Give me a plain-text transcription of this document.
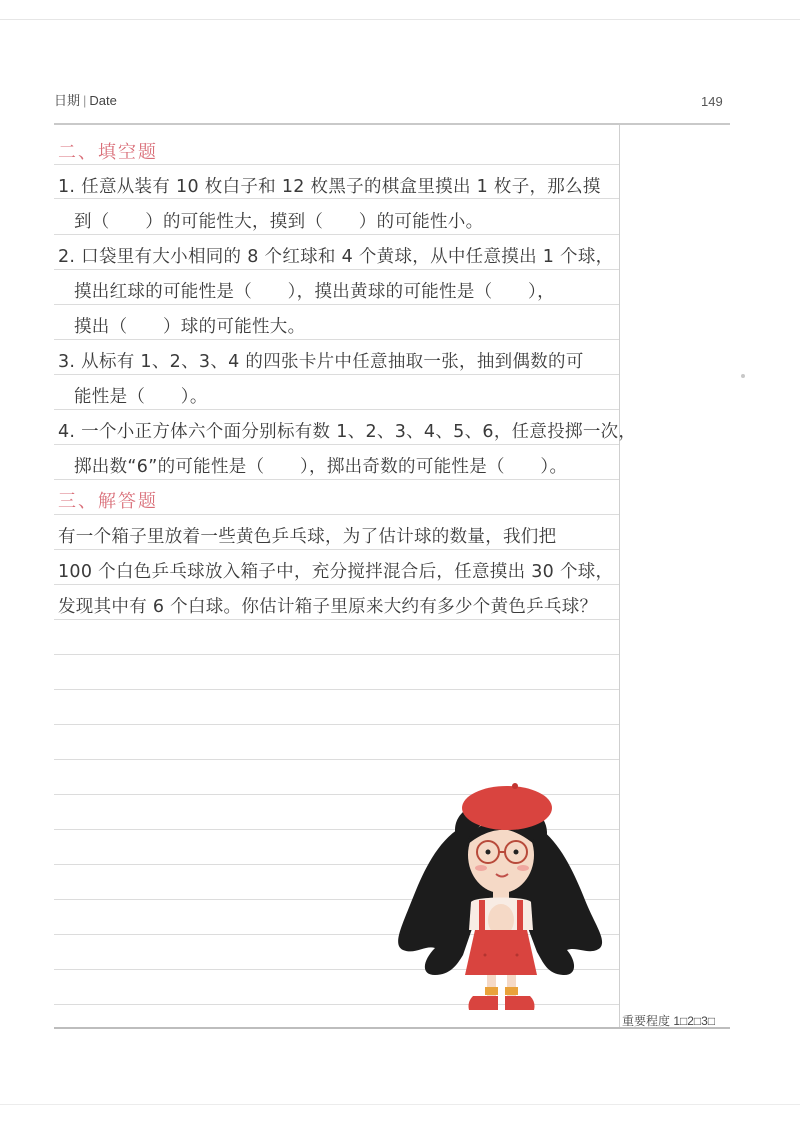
日期 | Date	149
二、填空题
1. 任意从装有 10 枚白子和 12 枚黑子的棋盒里摸出 1 枚子，那么摸
到（　　）的可能性大，摸到（　　）的可能性小。
2. 口袋里有大小相同的 8 个红球和 4 个黄球，从中任意摸出 1 个球，
摸出红球的可能性是（　　），摸出黄球的可能性是（　　），
摸出（　　）球的可能性大。
3. 从标有 1、2、3、4 的四张卡片中任意抽取一张，抽到偶数的可
能性是（　　）。
4. 一个小正方体六个面分别标有数 1、2、3、4、5、6，任意投掷一次，
掷出数“6”的可能性是（　　），掷出奇数的可能性是（　　）。
三、解答题
有一个箱子里放着一些黄色乒乓球，为了估计球的数量，我们把
100 个白色乒乓球放入箱子中，充分搅拌混合后，任意摸出 30 个球，
发现其中有 6 个白球。你估计箱子里原来大约有多少个黄色乒乓球？
重要程度 1□2□3□
